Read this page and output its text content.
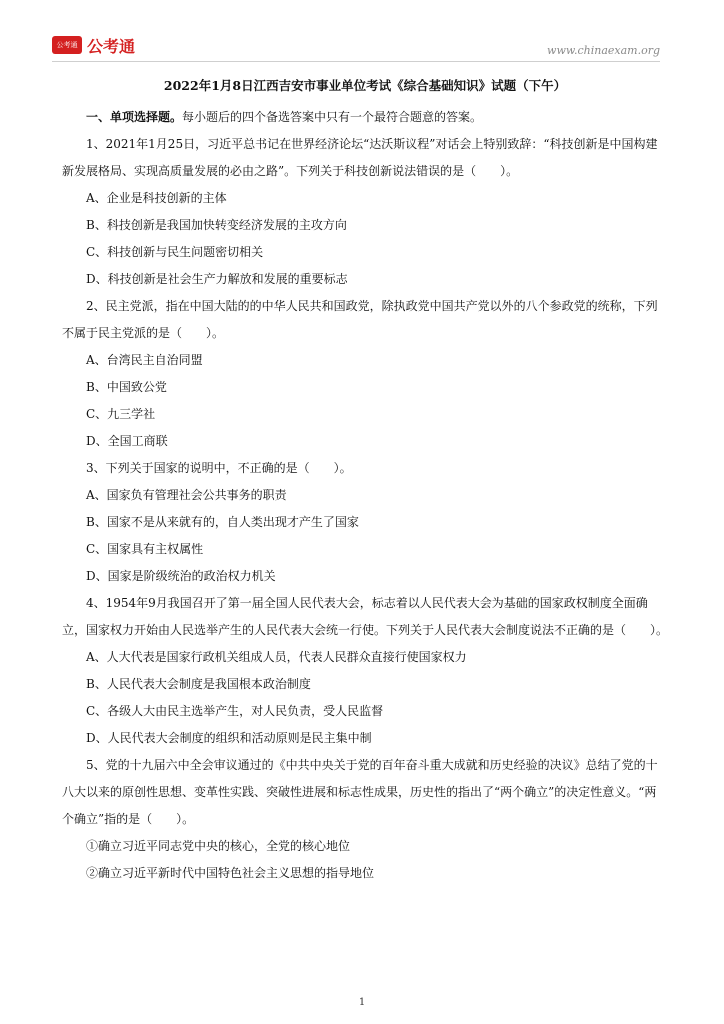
公考通 公考通	www.chinaexam.org

2022年1月8日江西吉安市事业单位考试《综合基础知识》试题（下午）

一、单项选择题。每小题后的四个备选答案中只有一个最符合题意的答案。

1、2021年1月25日，习近平总书记在世界经济论坛“达沃斯议程”对话会上特别致辞：“科技创新是中国构建新发展格局、实现高质量发展的必由之路”。下列关于科技创新说法错误的是（　　）。

A、企业是科技创新的主体

B、科技创新是我国加快转变经济发展的主攻方向

C、科技创新与民生问题密切相关

D、科技创新是社会生产力解放和发展的重要标志

2、民主党派，指在中国大陆的的中华人民共和国政党，除执政党中国共产党以外的八个参政党的统称，下列不属于民主党派的是（　　）。

A、台湾民主自治同盟

B、中国致公党

C、九三学社

D、全国工商联

3、下列关于国家的说明中，不正确的是（　　）。

A、国家负有管理社会公共事务的职责

B、国家不是从来就有的，自人类出现才产生了国家

C、国家具有主权属性

D、国家是阶级统治的政治权力机关

4、1954年9月我国召开了第一届全国人民代表大会，标志着以人民代表大会为基础的国家政权制度全面确立，国家权力开始由人民选举产生的人民代表大会统一行使。下列关于人民代表大会制度说法不正确的是（　　）。

A、人大代表是国家行政机关组成人员，代表人民群众直接行使国家权力

B、人民代表大会制度是我国根本政治制度

C、各级人大由民主选举产生，对人民负责，受人民监督

D、人民代表大会制度的组织和活动原则是民主集中制

5、党的十九届六中全会审议通过的《中共中央关于党的百年奋斗重大成就和历史经验的决议》总结了党的十八大以来的原创性思想、变革性实践、突破性进展和标志性成果，历史性的指出了“两个确立”的决定性意义。“两个确立”指的是（　　）。

①确立习近平同志党中央的核心，全党的核心地位

②确立习近平新时代中国特色社会主义思想的指导地位

1
